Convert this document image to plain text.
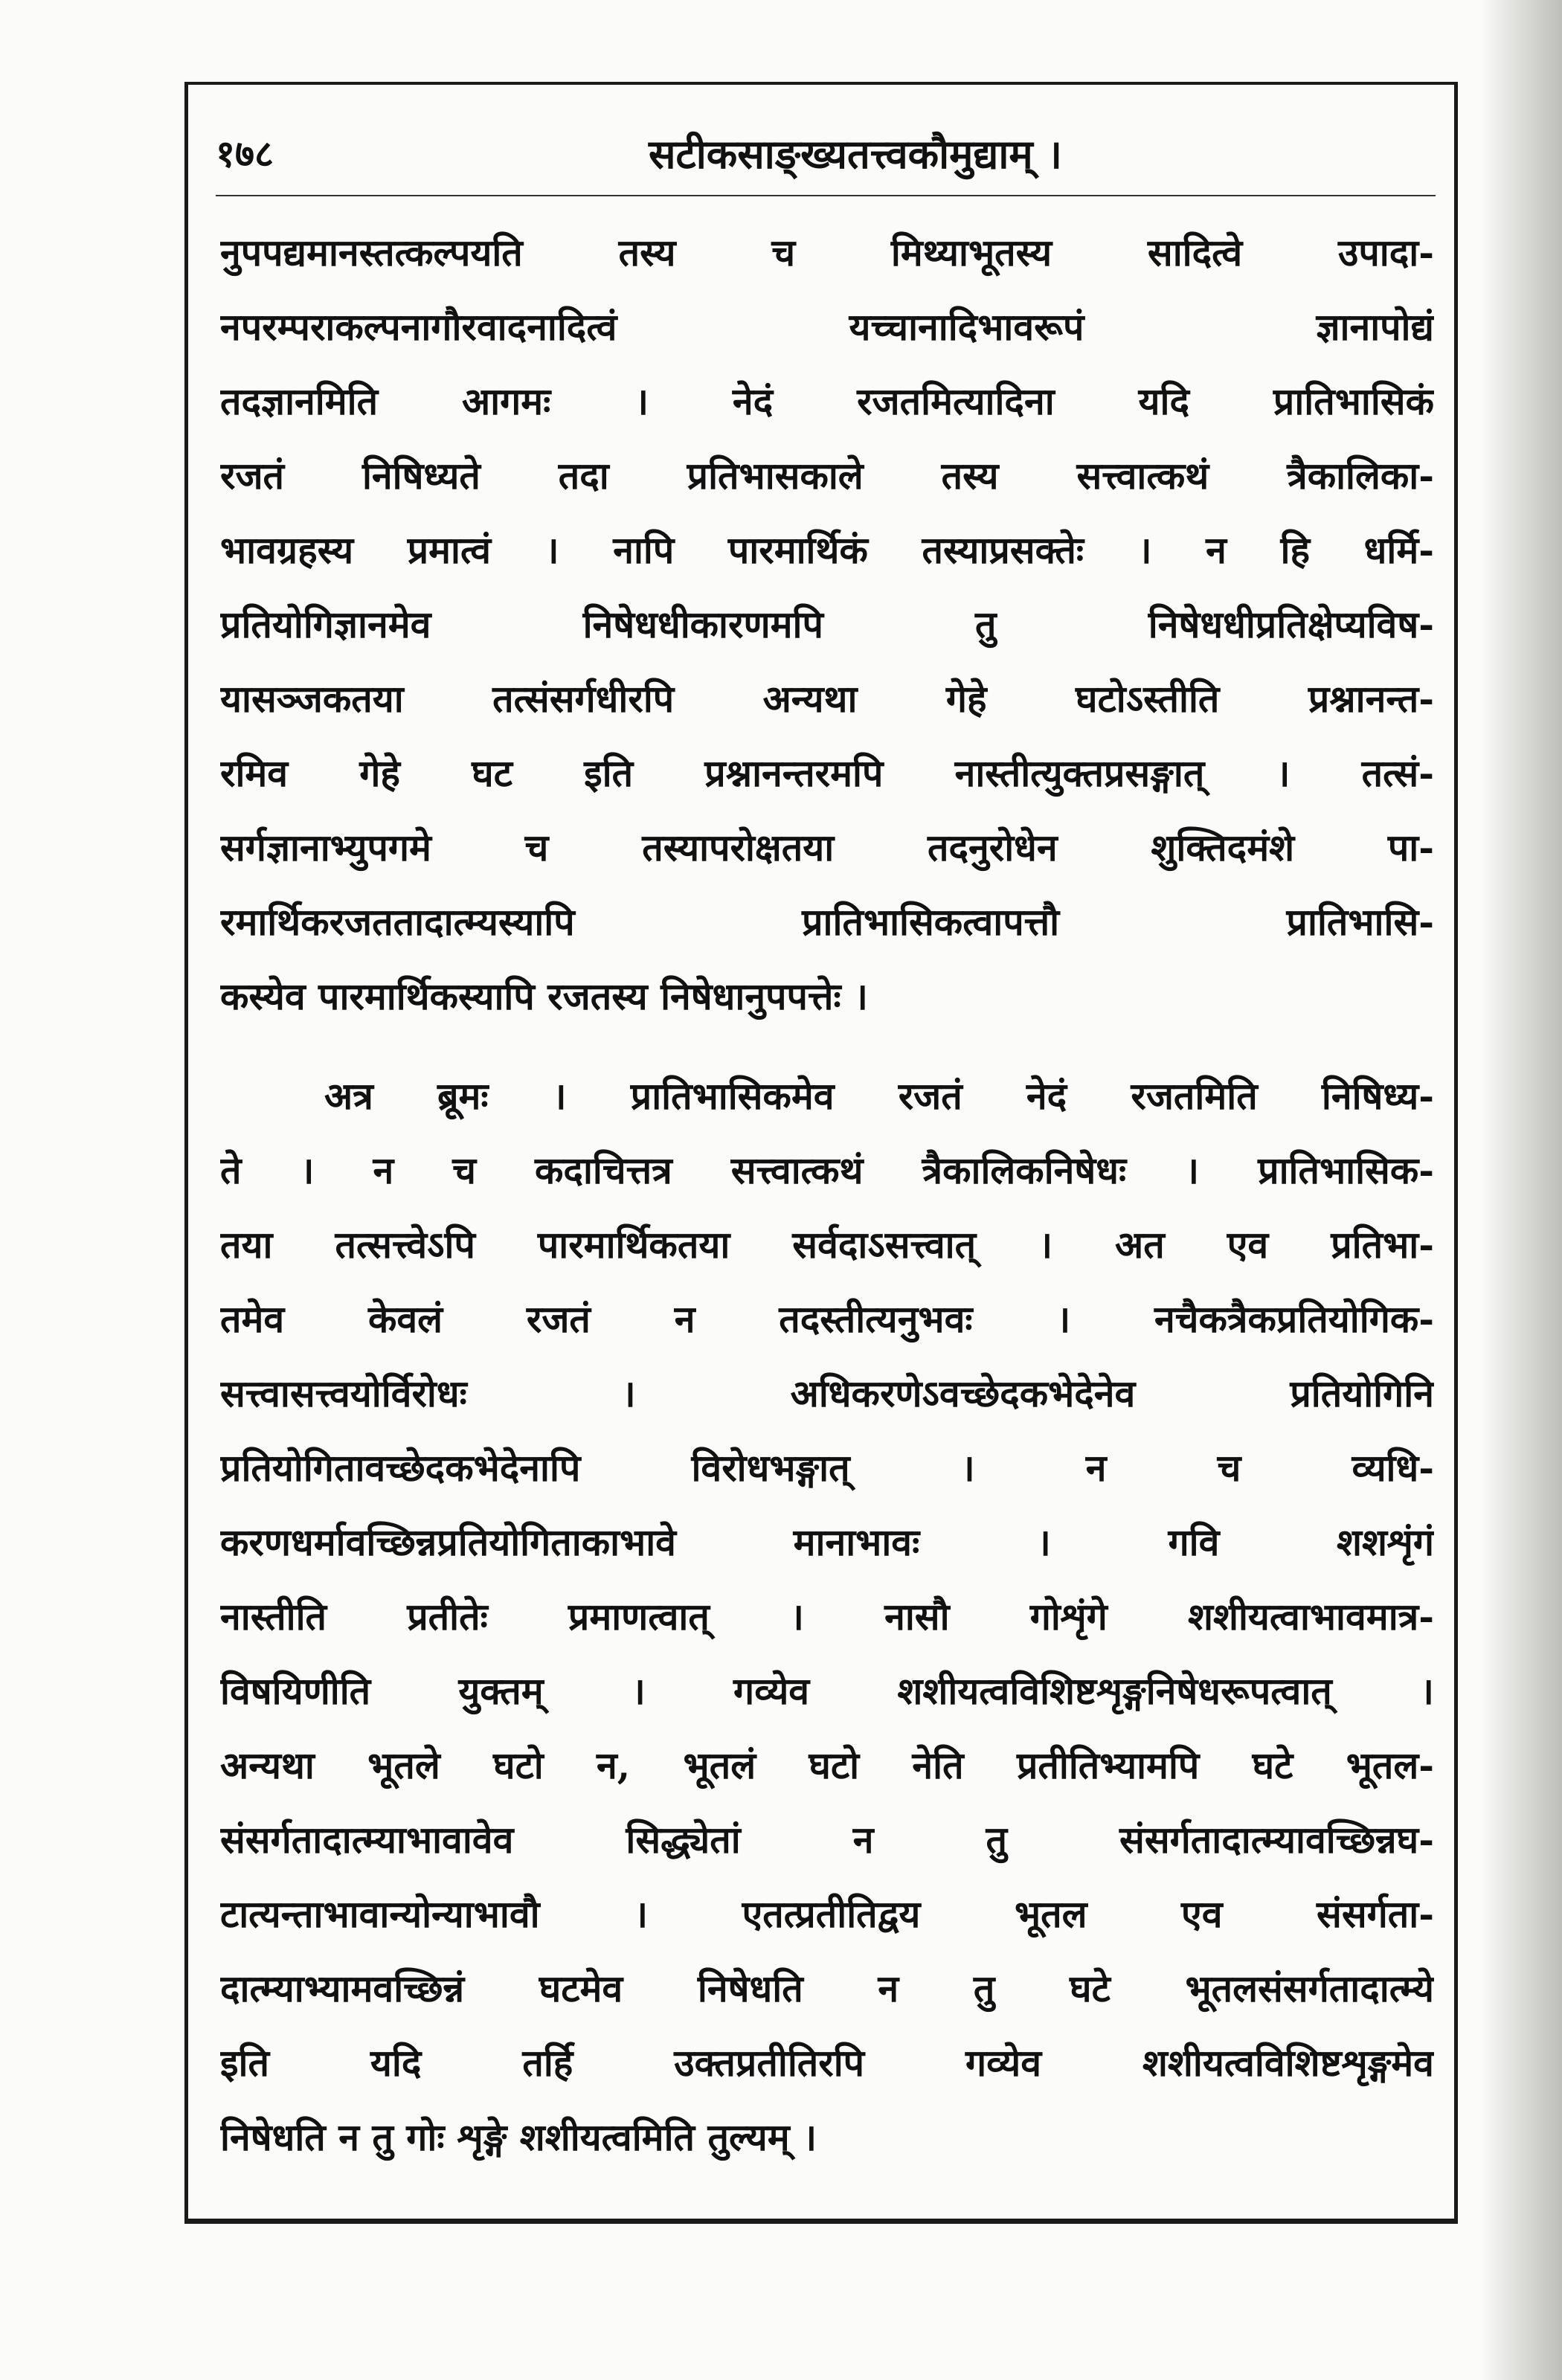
१७८	सटीकसाङ्ख्यतत्त्वकौमुद्याम् ।
नुपपद्यमानस्तत्कल्पयति तस्य च मिथ्याभूतस्य सादित्वे उपादा-
नपरम्पराकल्पनागौरवादनादित्वं यच्चानादिभावरूपं ज्ञानापोद्यं
तदज्ञानमिति आगमः । नेदं रजतमित्यादिना यदि प्रातिभासिकं
रजतं निषिध्यते तदा प्रतिभासकाले तस्य सत्त्वात्कथं त्रैकालिका-
भावग्रहस्य प्रमात्वं । नापि पारमार्थिकं तस्याप्रसक्तेः । न हि धर्मि-
प्रतियोगिज्ञानमेव निषेधधीकारणमपि तु निषेधधीप्रतिक्षेप्यविष-
यासञ्जकतया तत्संसर्गधीरपि अन्यथा गेहे घटोऽस्तीति प्रश्नानन्त-
रमिव गेहे घट इति प्रश्नानन्तरमपि नास्तीत्युक्तप्रसङ्गात् । तत्सं-
सर्गज्ञानाभ्युपगमे च तस्यापरोक्षतया तदनुरोधेन शुक्तिदमंशे पा-
रमार्थिकरजततादात्म्यस्यापि प्रातिभासिकत्वापत्तौ प्रातिभासि-
कस्येव पारमार्थिकस्यापि रजतस्य निषेधानुपपत्तेः ।
अत्र ब्रूमः । प्रातिभासिकमेव रजतं नेदं रजतमिति निषिध्य-
ते । न च कदाचित्तत्र सत्त्वात्कथं त्रैकालिकनिषेधः । प्रातिभासिक-
तया तत्सत्त्वेऽपि पारमार्थिकतया सर्वदाऽसत्त्वात् । अत एव प्रतिभा-
तमेव केवलं रजतं न तदस्तीत्यनुभवः । नचैकत्रैकप्रतियोगिक-
सत्त्वासत्त्वयोर्विरोधः । अधिकरणेऽवच्छेदकभेदेनेव प्रतियोगिनि
प्रतियोगितावच्छेदकभेदेनापि विरोधभङ्गात् । न च व्यधि-
करणधर्मावच्छिन्नप्रतियोगिताकाभावे मानाभावः । गवि शशशृंगं
नास्तीति प्रतीतेः प्रमाणत्वात् । नासौ गोशृंगे शशीयत्वाभावमात्र-
विषयिणीति युक्तम् । गव्येव शशीयत्वविशिष्टशृङ्गनिषेधरूपत्वात् ।
अन्यथा भूतले घटो न, भूतलं घटो नेति प्रतीतिभ्यामपि घटे भूतल-
संसर्गतादात्म्याभावावेव सिद्ध्येतां न तु संसर्गतादात्म्यावच्छिन्नघ-
टात्यन्ताभावान्योन्याभावौ । एतत्प्रतीतिद्वय भूतल एव संसर्गता-
दात्म्याभ्यामवच्छिन्नं घटमेव निषेधति न तु घटे भूतलसंसर्गतादात्म्ये
इति यदि तर्हि उक्तप्रतीतिरपि गव्येव शशीयत्वविशिष्टशृङ्गमेव
निषेधति न तु गोः शृङ्गे शशीयत्वमिति तुल्यम् ।
